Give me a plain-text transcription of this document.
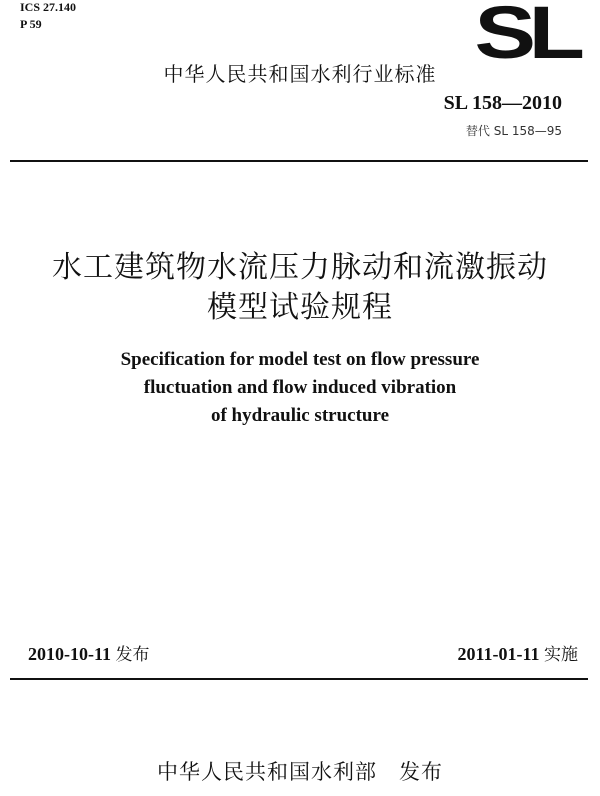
ICS 27.140
P 59	SL
中华人民共和国水利行业标准
SL 158—2010
替代 SL 158—95
水工建筑物水流压力脉动和流激振动
模型试验规程
Specification for model test on flow pressure
fluctuation and flow induced vibration
of hydraulic structure
2010-10-11 发布	2011-01-11 实施
中华人民共和国水利部 发布
